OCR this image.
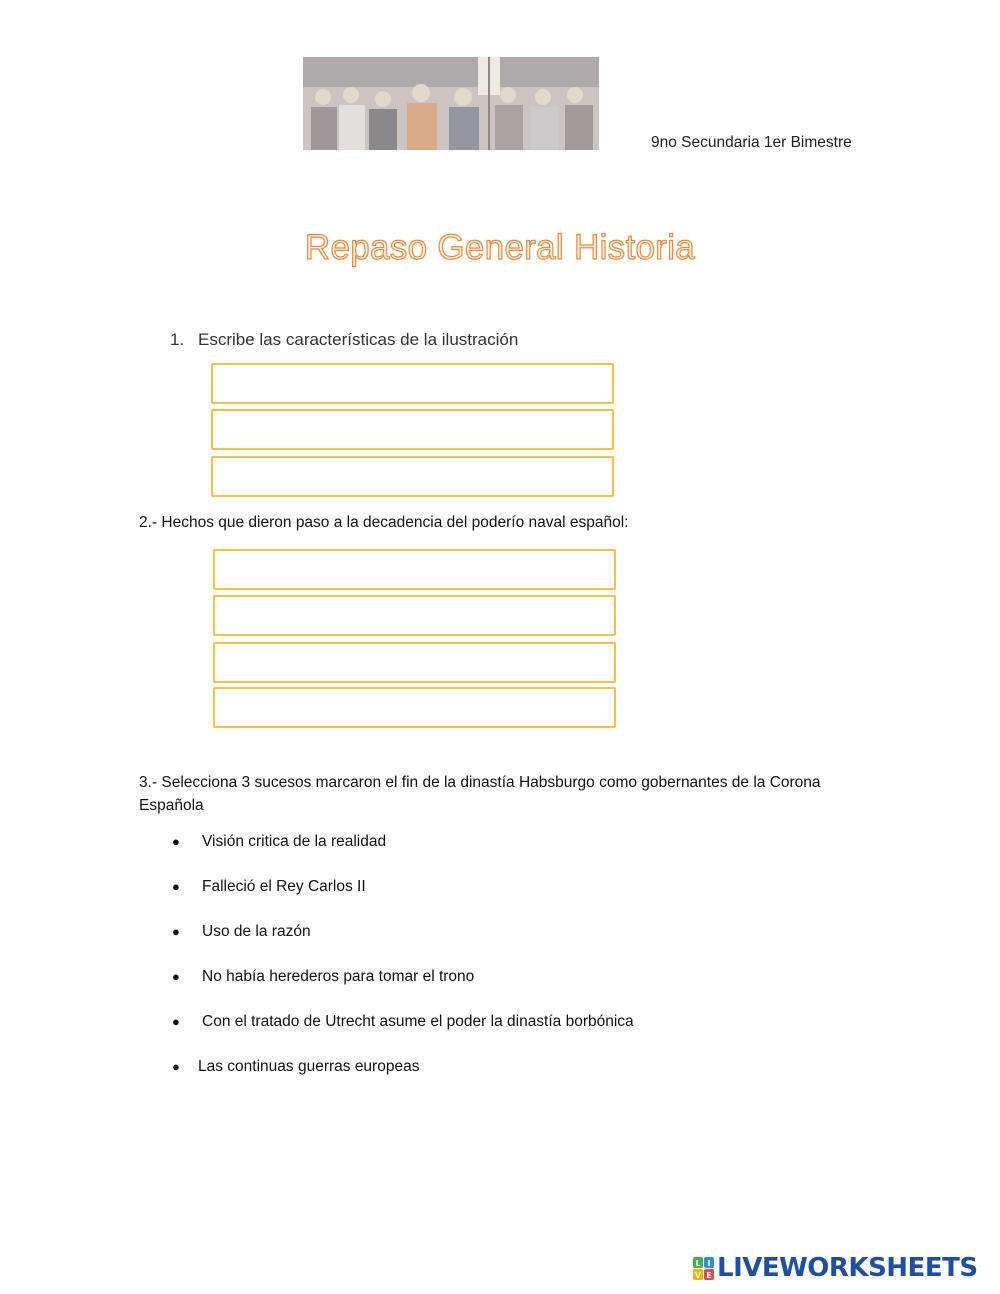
9no Secundaria 1er Bimestre
Repaso General Historia
1. Escribe las características de la ilustración
2.- Hechos que dieron paso a la decadencia del poderío naval español:
3.- Selecciona 3 sucesos marcaron el fin de la dinastía Habsburgo como gobernantes de la Corona Española
● Visión critica de la realidad
● Falleció el Rey Carlos II
● Uso de la razón
● No había herederos para tomar el trono
● Con el tratado de Utrecht asume el poder la dinastía borbónica
● Las continuas guerras europeas
L I
V E LIVEWORKSHEETS
